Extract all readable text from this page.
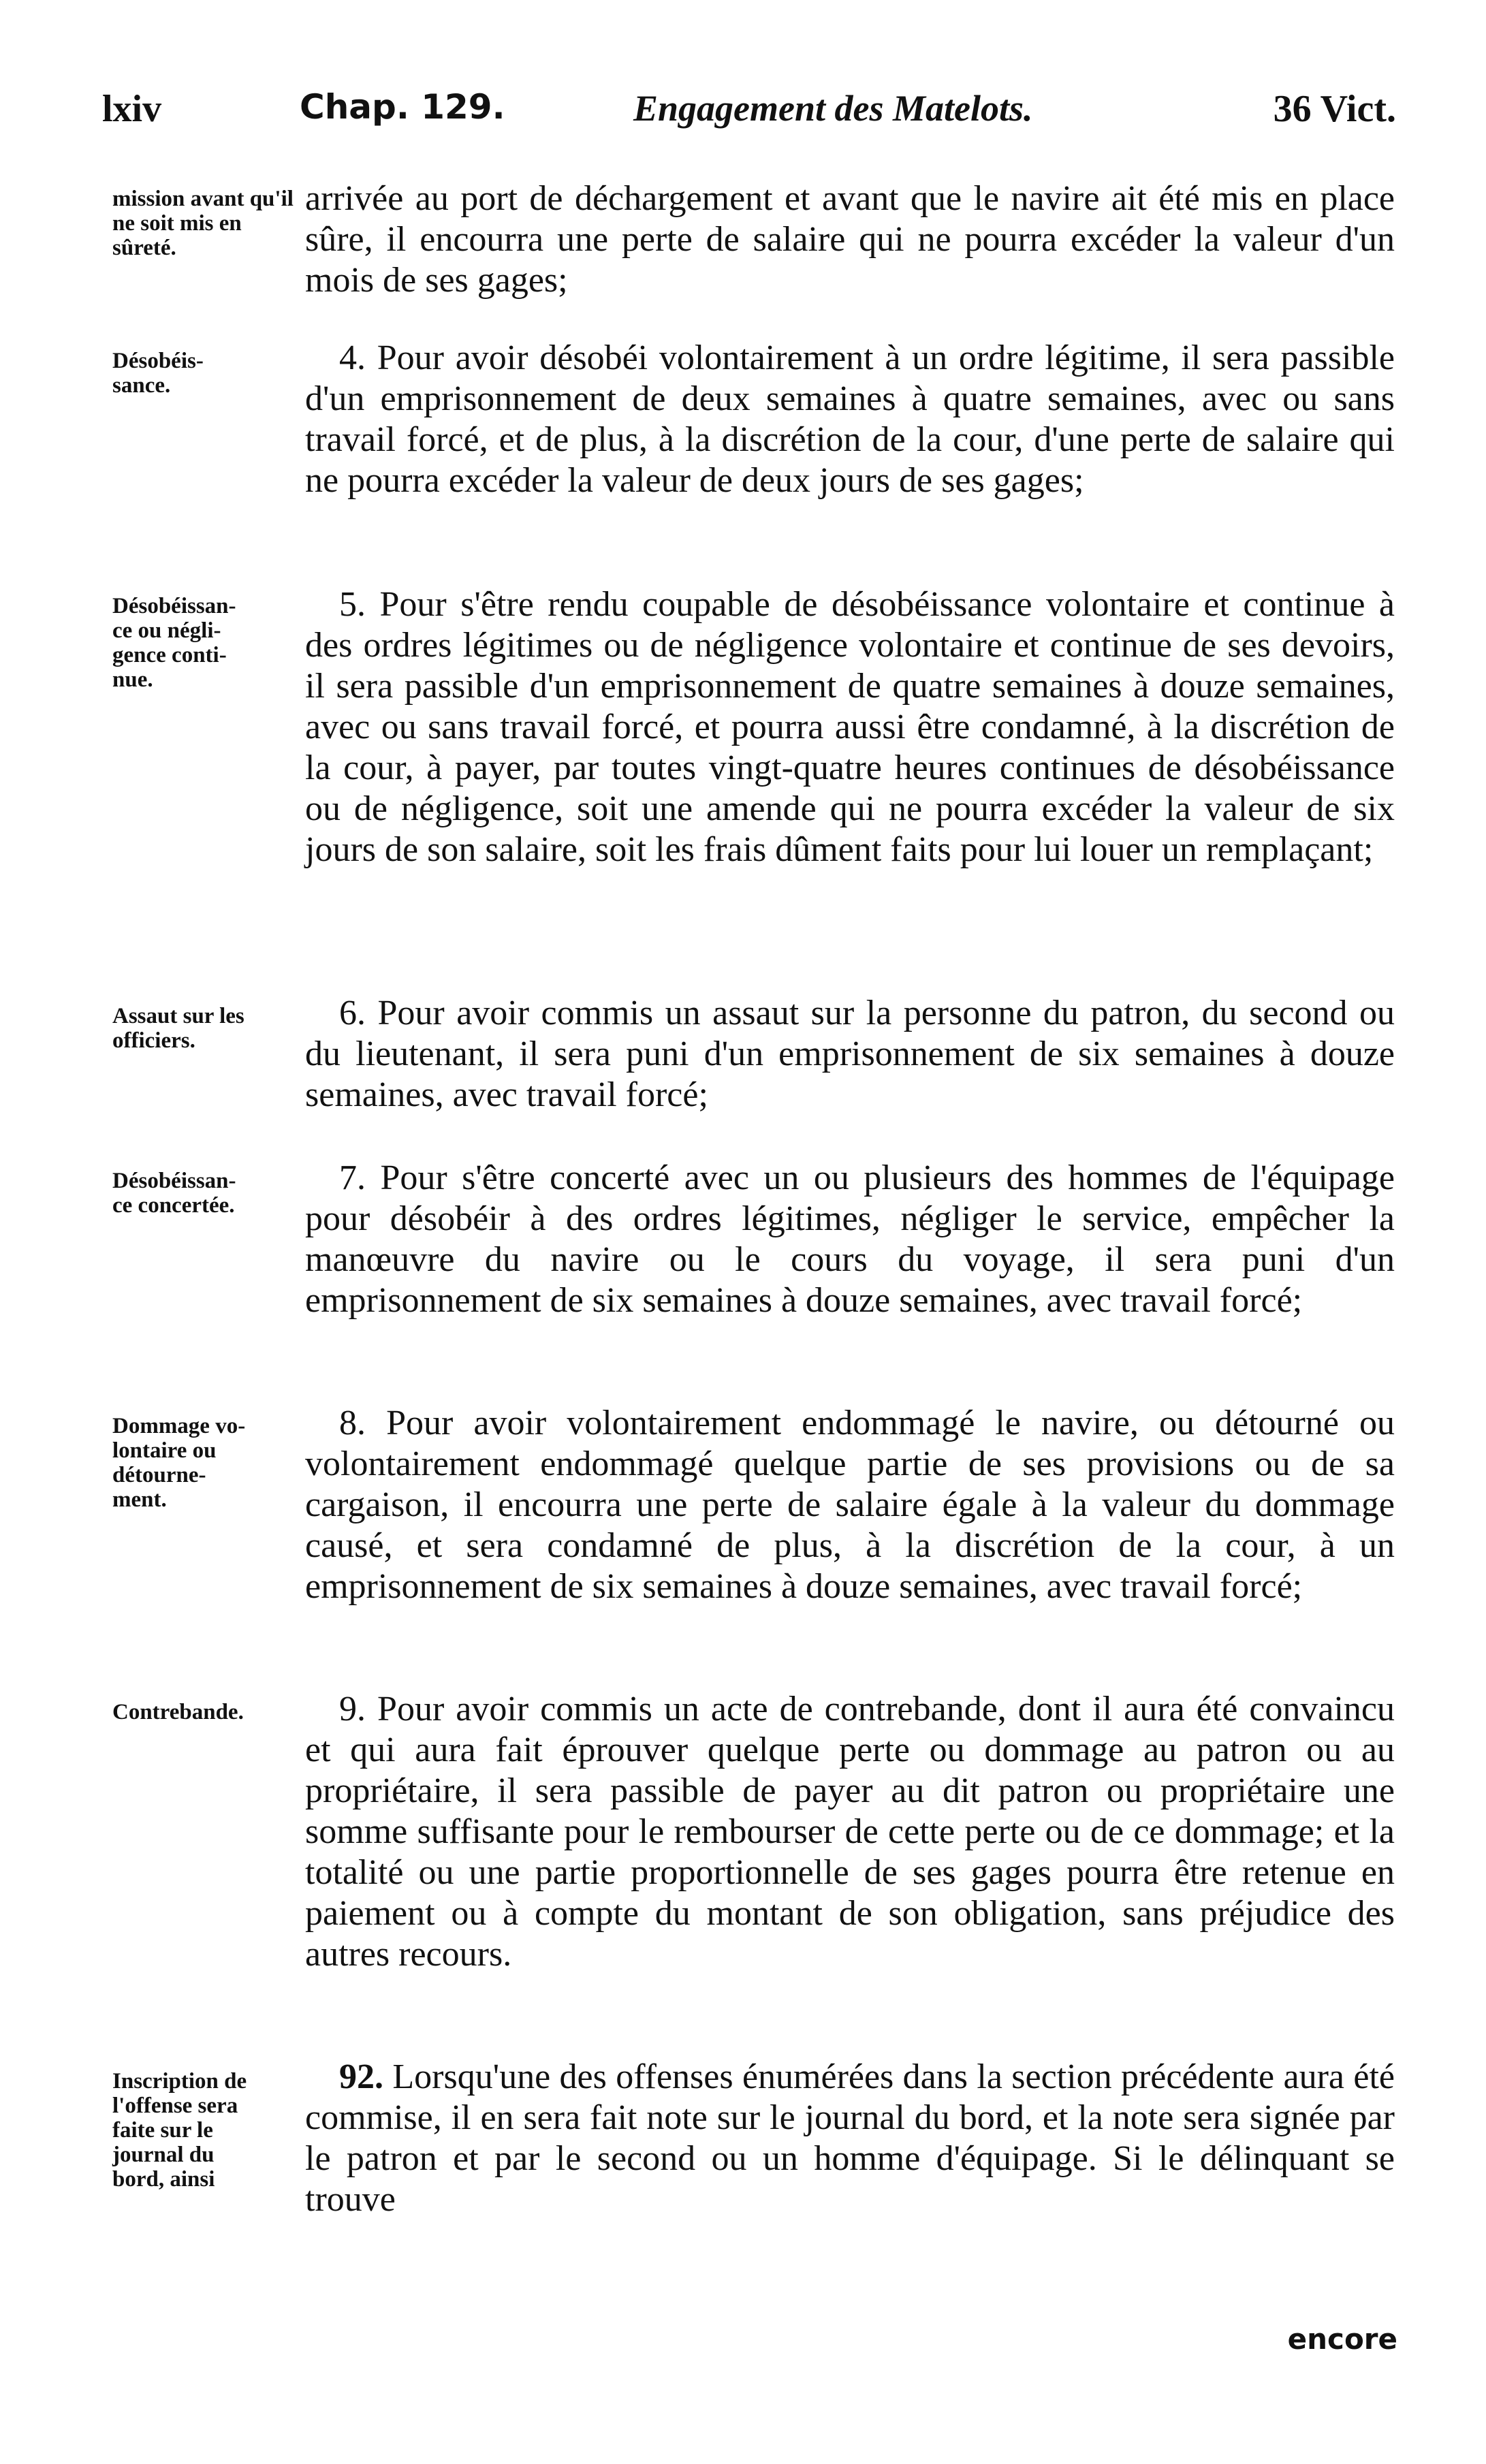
lxiv	Chap. 129.	Engagement des Matelots.	36 Vict.
mission avant qu'il ne soit mis en sûreté.
arrivée au port de déchargement et avant que le navire ait été mis en place sûre, il encourra une perte de salaire qui ne pourra excéder la valeur d'un mois de ses gages;
Désobéis-
sance.
4. Pour avoir désobéi volontairement à un ordre légitime, il sera passible d'un emprisonnement de deux semaines à quatre semaines, avec ou sans travail forcé, et de plus, à la discrétion de la cour, d'une perte de salaire qui ne pourra excéder la valeur de deux jours de ses gages;
Désobéissan-
ce ou négli-
gence conti-
nue.
5. Pour s'être rendu coupable de désobéissance volontaire et continue à des ordres légitimes ou de négligence volontaire et continue de ses devoirs, il sera passible d'un emprisonnement de quatre semaines à douze semaines, avec ou sans travail forcé, et pourra aussi être condamné, à la discrétion de la cour, à payer, par toutes vingt-quatre heures continues de désobéissance ou de négligence, soit une amende qui ne pourra excéder la valeur de six jours de son salaire, soit les frais dûment faits pour lui louer un remplaçant;
Assaut sur les
officiers.
6. Pour avoir commis un assaut sur la personne du patron, du second ou du lieutenant, il sera puni d'un emprisonnement de six semaines à douze semaines, avec travail forcé;
Désobéissan-
ce concertée.
7. Pour s'être concerté avec un ou plusieurs des hommes de l'équipage pour désobéir à des ordres légitimes, négliger le service, empêcher la manœuvre du navire ou le cours du voyage, il sera puni d'un emprisonnement de six semaines à douze semaines, avec travail forcé;
Dommage vo-
lontaire ou
détourne-
ment.
8. Pour avoir volontairement endommagé le navire, ou détourné ou volontairement endommagé quelque partie de ses provisions ou de sa cargaison, il encourra une perte de salaire égale à la valeur du dommage causé, et sera condamné de plus, à la discrétion de la cour, à un emprisonnement de six semaines à douze semaines, avec travail forcé;
Contrebande.	9. Pour avoir commis un acte de contrebande, dont il aura été convaincu et qui aura fait éprouver quelque perte ou dommage au patron ou au propriétaire, il sera passible de payer au dit patron ou propriétaire une somme suffisante pour le rembourser de cette perte ou de ce dommage; et la totalité ou une partie proportionnelle de ses gages pourra être retenue en paiement ou à compte du montant de son obligation, sans préjudice des autres recours.
Inscription de
l'offense sera
faite sur le
journal du
bord, ainsi
92. Lorsqu'une des offenses énumérées dans la section précédente aura été commise, il en sera fait note sur le journal du bord, et la note sera signée par le patron et par le second ou un homme d'équipage. Si le délinquant se trouve
encore
